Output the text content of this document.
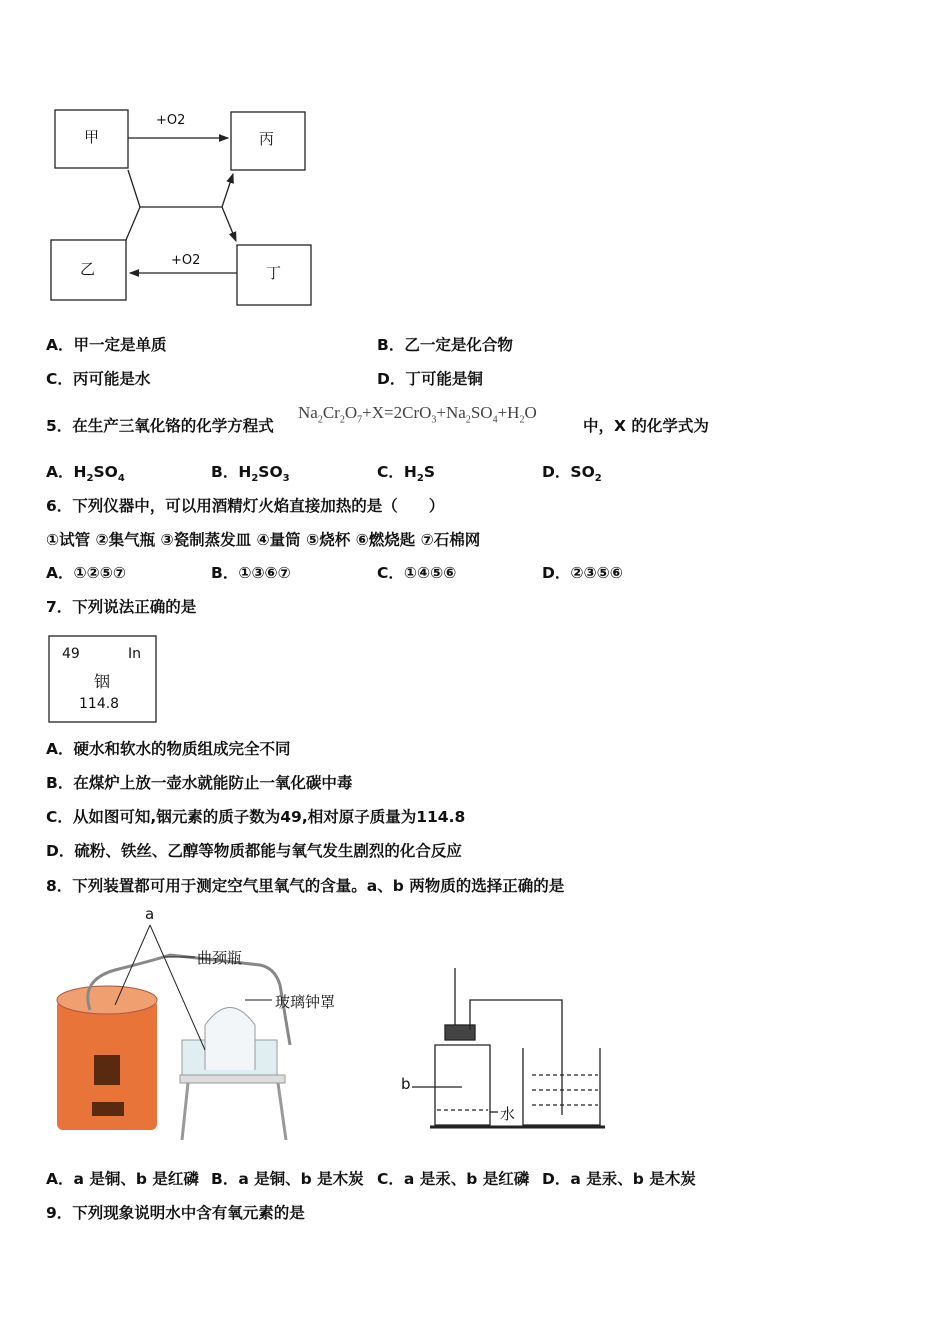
甲	丙
乙	丁
+O2
+O2
A．甲一定是单质	B．乙一定是化合物
C．丙可能是水	D．丁可能是铜
5．在生产三氧化铬的化学方程式
$Na_2Cr_2O_7+X=2CrO_3+Na_2SO_4+H_2O$
中，X 的化学式为
A．$H_2SO_4$	B．$H_2SO_3$	C．$H_2S$	D．$SO_2$
6．下列仪器中，可以用酒精灯火焰直接加热的是（　　）
①试管 ②集气瓶 ③瓷制蒸发皿 ④量筒 ⑤烧杯 ⑥燃烧匙 ⑦石棉网
A．①②⑤⑦	B．①③⑥⑦	C．①④⑤⑥	D．②③⑤⑥
7．下列说法正确的是
49	In
铟
114.8
A．硬水和软水的物质组成完全不同
B．在煤炉上放一壶水就能防止一氧化碳中毒
C．从如图可知,铟元素的质子数为49,相对原子质量为114.8
D．硫粉、铁丝、乙醇等物质都能与氧气发生剧烈的化合反应
8．下列装置都可用于测定空气里氧气的含量。a、b 两物质的选择正确的是
a
曲颈瓶
玻璃钟罩
b
水
A．a 是铜、b 是红磷 B．a 是铜、b 是木炭 C．a 是汞、b 是红磷 D．a 是汞、b 是木炭
9．下列现象说明水中含有氧元素的是
